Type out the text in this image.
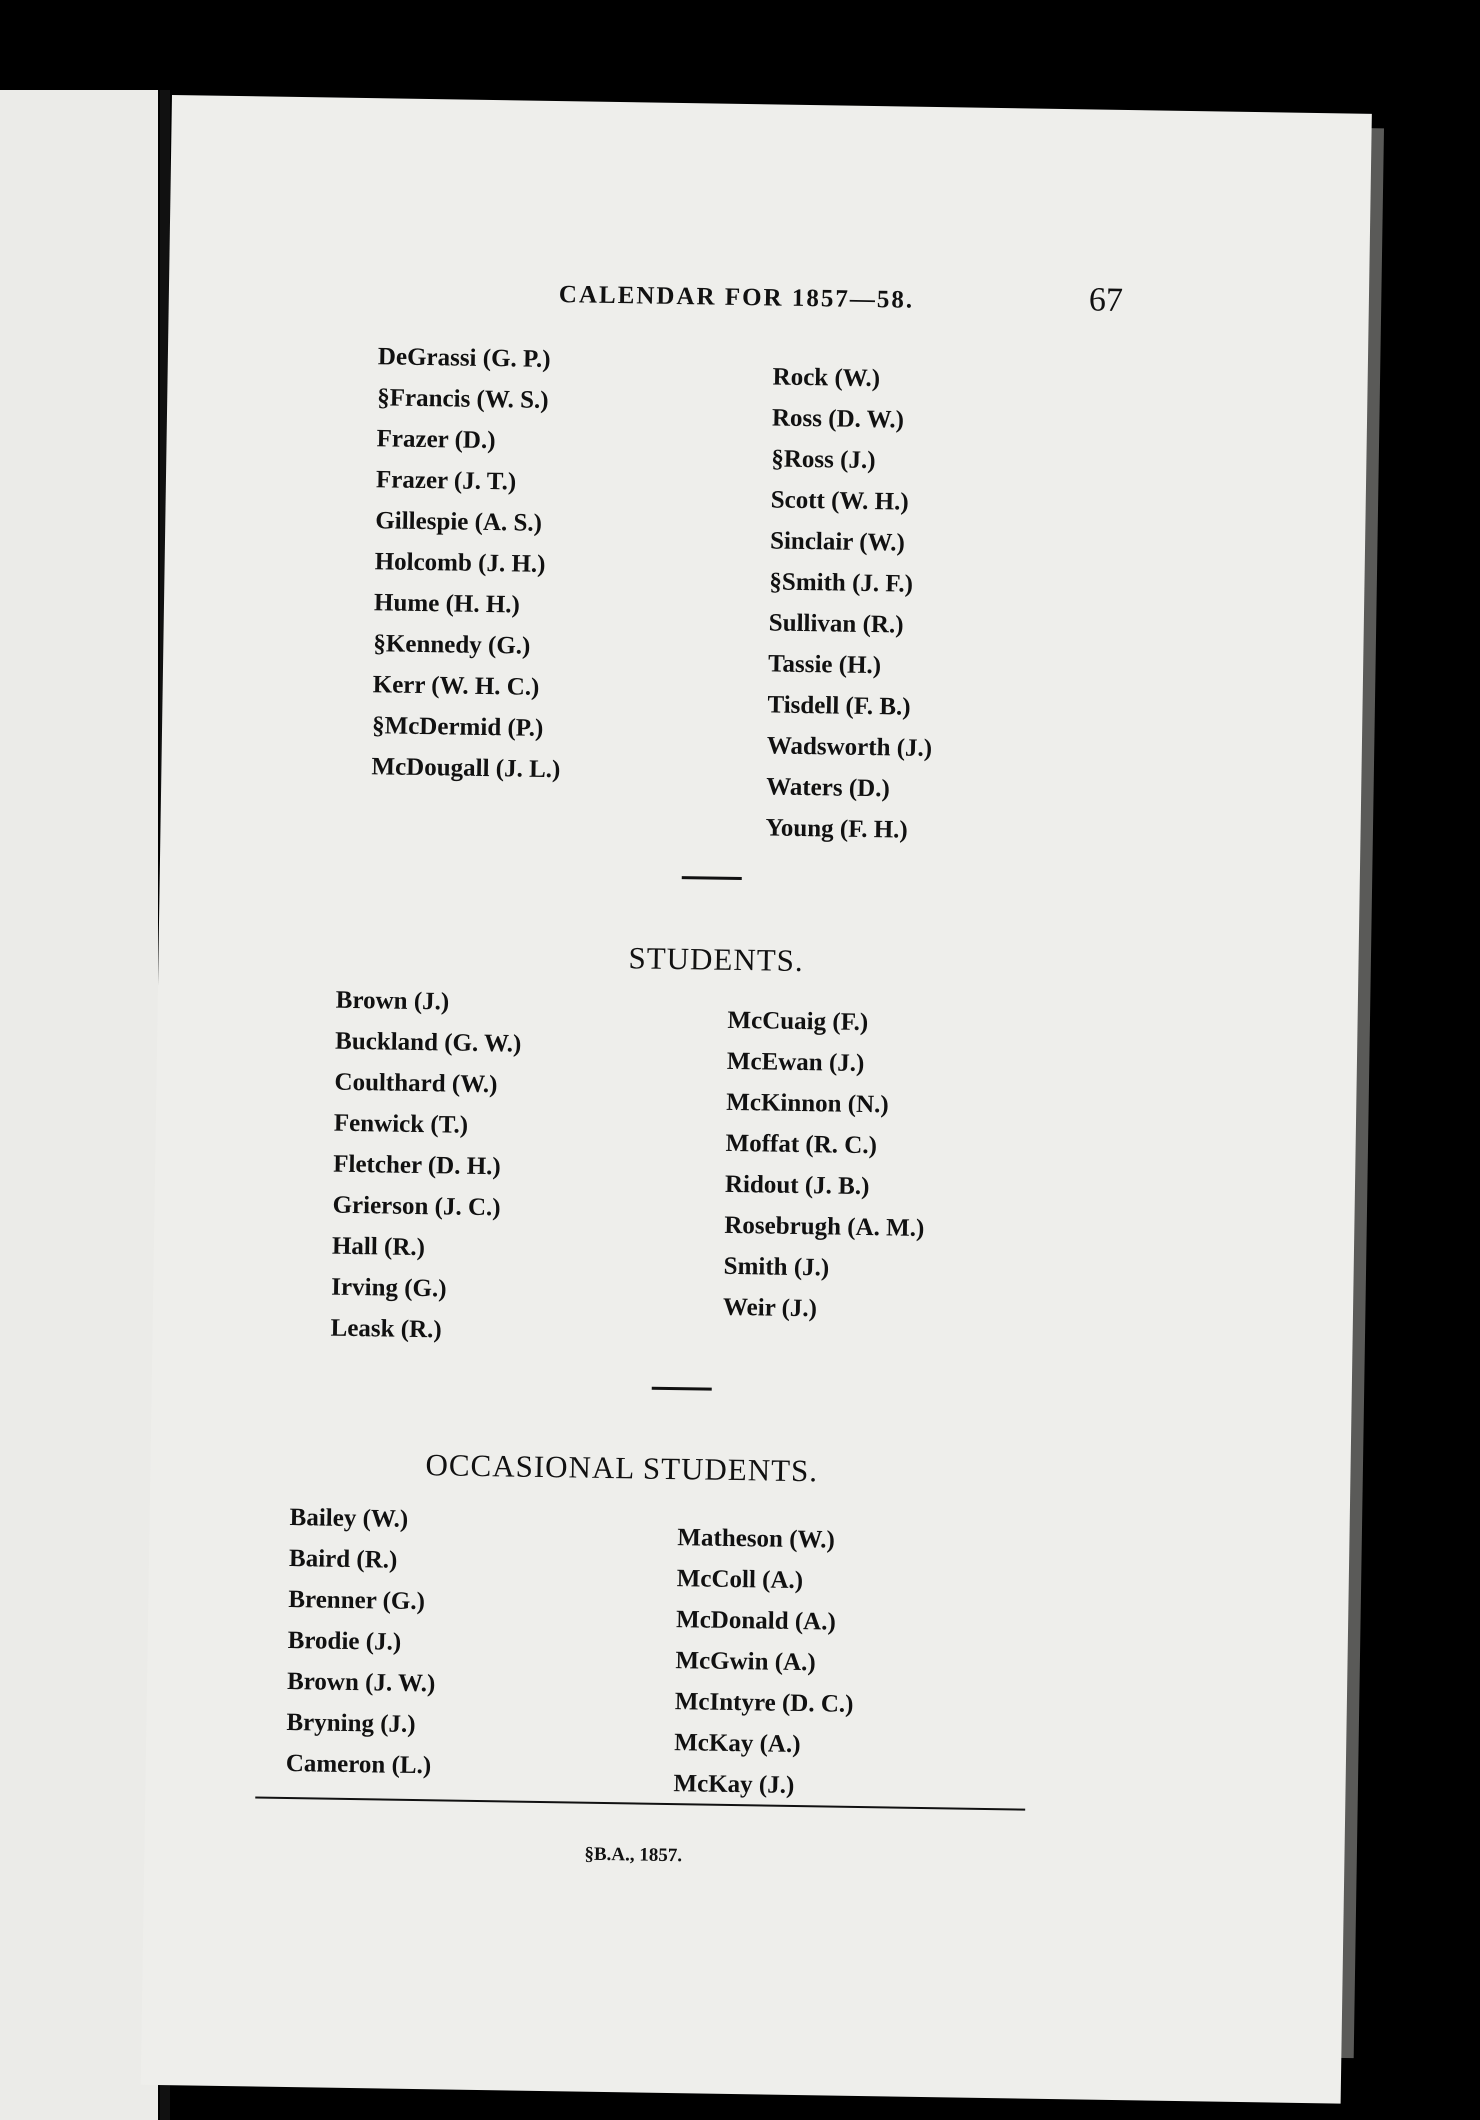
CALENDAR FOR 1857—58.	67
DeGrassi (G. P.)
§Francis (W. S.)
Frazer (D.)
Frazer (J. T.)
Gillespie (A. S.)
Holcomb (J. H.)
Hume (H. H.)
§Kennedy (G.)
Kerr (W. H. C.)
§McDermid (P.)
McDougall (J. L.)
Rock (W.)
Ross (D. W.)
§Ross (J.)
Scott (W. H.)
Sinclair (W.)
§Smith (J. F.)
Sullivan (R.)
Tassie (H.)
Tisdell (F. B.)
Wadsworth (J.)
Waters (D.)
Young (F. H.)
STUDENTS.
Brown (J.)
Buckland (G. W.)
Coulthard (W.)
Fenwick (T.)
Fletcher (D. H.)
Grierson (J. C.)
Hall (R.)
Irving (G.)
Leask (R.)
McCuaig (F.)
McEwan (J.)
McKinnon (N.)
Moffat (R. C.)
Ridout (J. B.)
Rosebrugh (A. M.)
Smith (J.)
Weir (J.)
OCCASIONAL STUDENTS.
Bailey (W.)
Baird (R.)
Brenner (G.)
Brodie (J.)
Brown (J. W.)
Bryning (J.)
Cameron (L.)
Matheson (W.)
McColl (A.)
McDonald (A.)
McGwin (A.)
McIntyre (D. C.)
McKay (A.)
McKay (J.)
§B.A., 1857.
